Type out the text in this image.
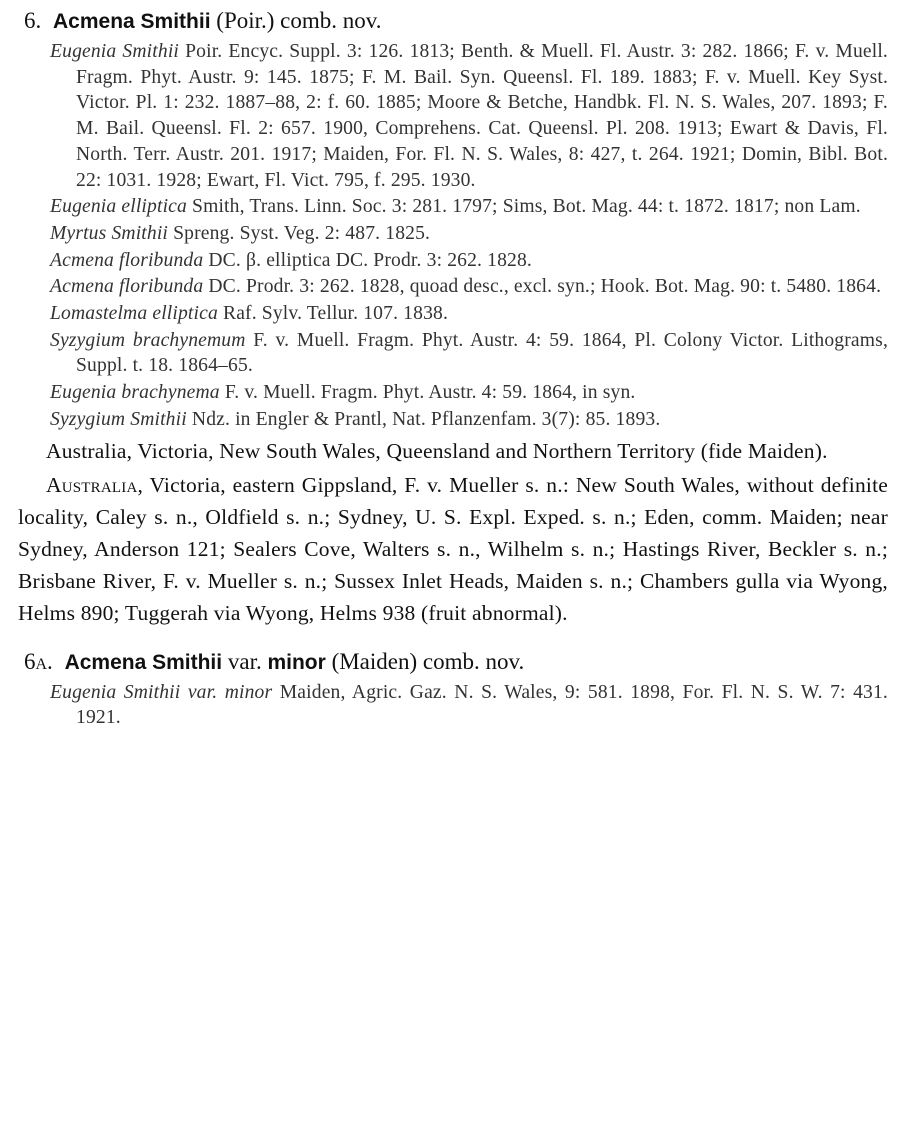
6. Acmena Smithii (Poir.) comb. nov.
Eugenia Smithii Poir. Encyc. Suppl. 3: 126. 1813; Benth. & Muell. Fl. Austr. 3: 282. 1866; F. v. Muell. Fragm. Phyt. Austr. 9: 145. 1875; F. M. Bail. Syn. Queensl. Fl. 189. 1883; F. v. Muell. Key Syst. Victor. Pl. 1: 232. 1887–88, 2: f. 60. 1885; Moore & Betche, Handbk. Fl. N. S. Wales, 207. 1893; F. M. Bail. Queensl. Fl. 2: 657. 1900, Comprehens. Cat. Queensl. Pl. 208. 1913; Ewart & Davis, Fl. North. Terr. Austr. 201. 1917; Maiden, For. Fl. N. S. Wales, 8: 427, t. 264. 1921; Domin, Bibl. Bot. 22: 1031. 1928; Ewart, Fl. Vict. 795, f. 295. 1930.
Eugenia elliptica Smith, Trans. Linn. Soc. 3: 281. 1797; Sims, Bot. Mag. 44: t. 1872. 1817; non Lam.
Myrtus Smithii Spreng. Syst. Veg. 2: 487. 1825.
Acmena floribunda DC. β. elliptica DC. Prodr. 3: 262. 1828.
Acmena floribunda DC. Prodr. 3: 262. 1828, quoad desc., excl. syn.; Hook. Bot. Mag. 90: t. 5480. 1864.
Lomastelma elliptica Raf. Sylv. Tellur. 107. 1838.
Syzygium brachynemum F. v. Muell. Fragm. Phyt. Austr. 4: 59. 1864, Pl. Colony Victor. Lithograms, Suppl. t. 18. 1864–65.
Eugenia brachynema F. v. Muell. Fragm. Phyt. Austr. 4: 59. 1864, in syn.
Syzygium Smithii Ndz. in Engler & Prantl, Nat. Pflanzenfam. 3(7): 85. 1893.

Australia, Victoria, New South Wales, Queensland and Northern Territory (fide Maiden).

Australia, Victoria, eastern Gippsland, F. v. Mueller s. n.: New South Wales, without definite locality, Caley s. n., Oldfield s. n.; Sydney, U. S. Expl. Exped. s. n.; Eden, comm. Maiden; near Sydney, Anderson 121; Sealers Cove, Walters s. n., Wilhelm s. n.; Hastings River, Beckler s. n.; Brisbane River, F. v. Mueller s. n.; Sussex Inlet Heads, Maiden s. n.; Chambers gulla via Wyong, Helms 890; Tuggerah via Wyong, Helms 938 (fruit abnormal).

6a. Acmena Smithii var. minor (Maiden) comb. nov.
Eugenia Smithii var. minor Maiden, Agric. Gaz. N. S. Wales, 9: 581. 1898, For. Fl. N. S. W. 7: 431. 1921.
